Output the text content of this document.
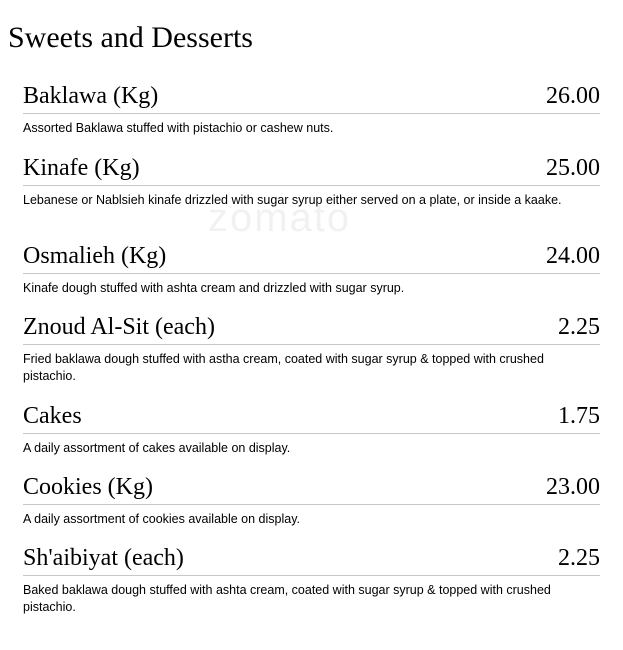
Sweets and Desserts
zomato
Baklawa (Kg)	26.00

Assorted Baklawa stuffed with pistachio or cashew nuts.

Kinafe (Kg)	25.00

Lebanese or Nablsieh kinafe drizzled with sugar syrup either served on a plate, or inside a kaake.

Osmalieh (Kg)	24.00

Kinafe dough stuffed with ashta cream and drizzled with sugar syrup.

Znoud Al-Sit (each)	2.25

Fried baklawa dough stuffed with astha cream, coated with sugar syrup & topped with crushed pistachio.

Cakes	1.75

A daily assortment of cakes available on display.

Cookies (Kg)	23.00

A daily assortment of cookies available on display.

Sh'aibiyat (each)	2.25

Baked baklawa dough stuffed with ashta cream, coated with sugar syrup & topped with crushed pistachio.
